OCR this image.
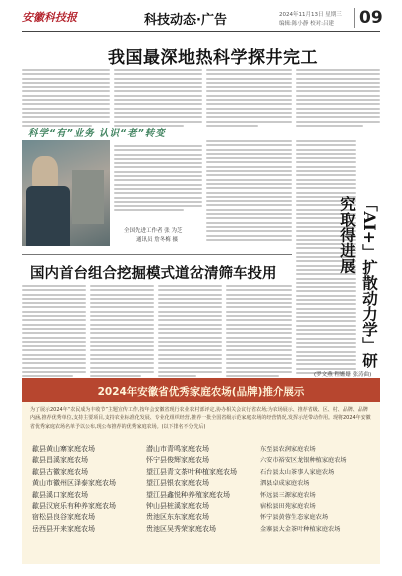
安徽科技报	科技动态·广告	2024年11月13日 星期三
编辑:陈小静 校对:吕建 09
我国最深地热科学探井完工
科学“有”业务 认识“老”转变
全国先进工作者 张 为芝
通讯员 詹冬梅 摄	「AI+」扩散动力学」研究取得进展
(罗文燕 程姗姗 张涛曲)
国内首台组合挖掘模式道岔清筛车投用
2024年安徽省优秀家庭农场(品牌)推介展示
为了展示2024年“农民成为丰收节”主题宣传工作,按年会安徽省现行农业农村部评定,协办相关会议行省农场;为农场展示、推荐省级、区、村、品牌、品牌内涵,推荐优秀单位,支持主要项目,支持农业标准化发展、专业化组织经营,推荐一批全国省级示范家庭农场的经营情况,发挥示范带动作用。现将2024年安徽省优秀家庭农场名单予以公布,现公布推荐的优秀家庭农场。(以下排名不分先后)
歙县黄山寨家庭农场
歙县昌溪家庭农场
歙县古徽家庭农场
黄山市徽州区泽泰家庭农场
歙县溪口家庭农场
歙县汉宸乐有种养家庭农场
宿松县良谷家庭农场
岳西县开来家庭农场
潜山市青鸣家庭农场
怀宁县俊辉家庭农场
望江县青文茶叶种植家庭农场
望江县银农家庭农场
望江县鑫悦种养殖家庭农场
钟山县桩溪家庭农场
贵池区东东家庭农场
贵池区吴秀荣家庭农场
东至县农润家庭农场
六安市裕安区龙银种植家庭农场
石台县太山茶事人家庭农场
泗县卓成家庭农场
怀远县三源家庭农场
宿松县田苑家庭农场
怀宁县黄蓉生态家庭农场
金寨县大金茶叶种植家庭农场
